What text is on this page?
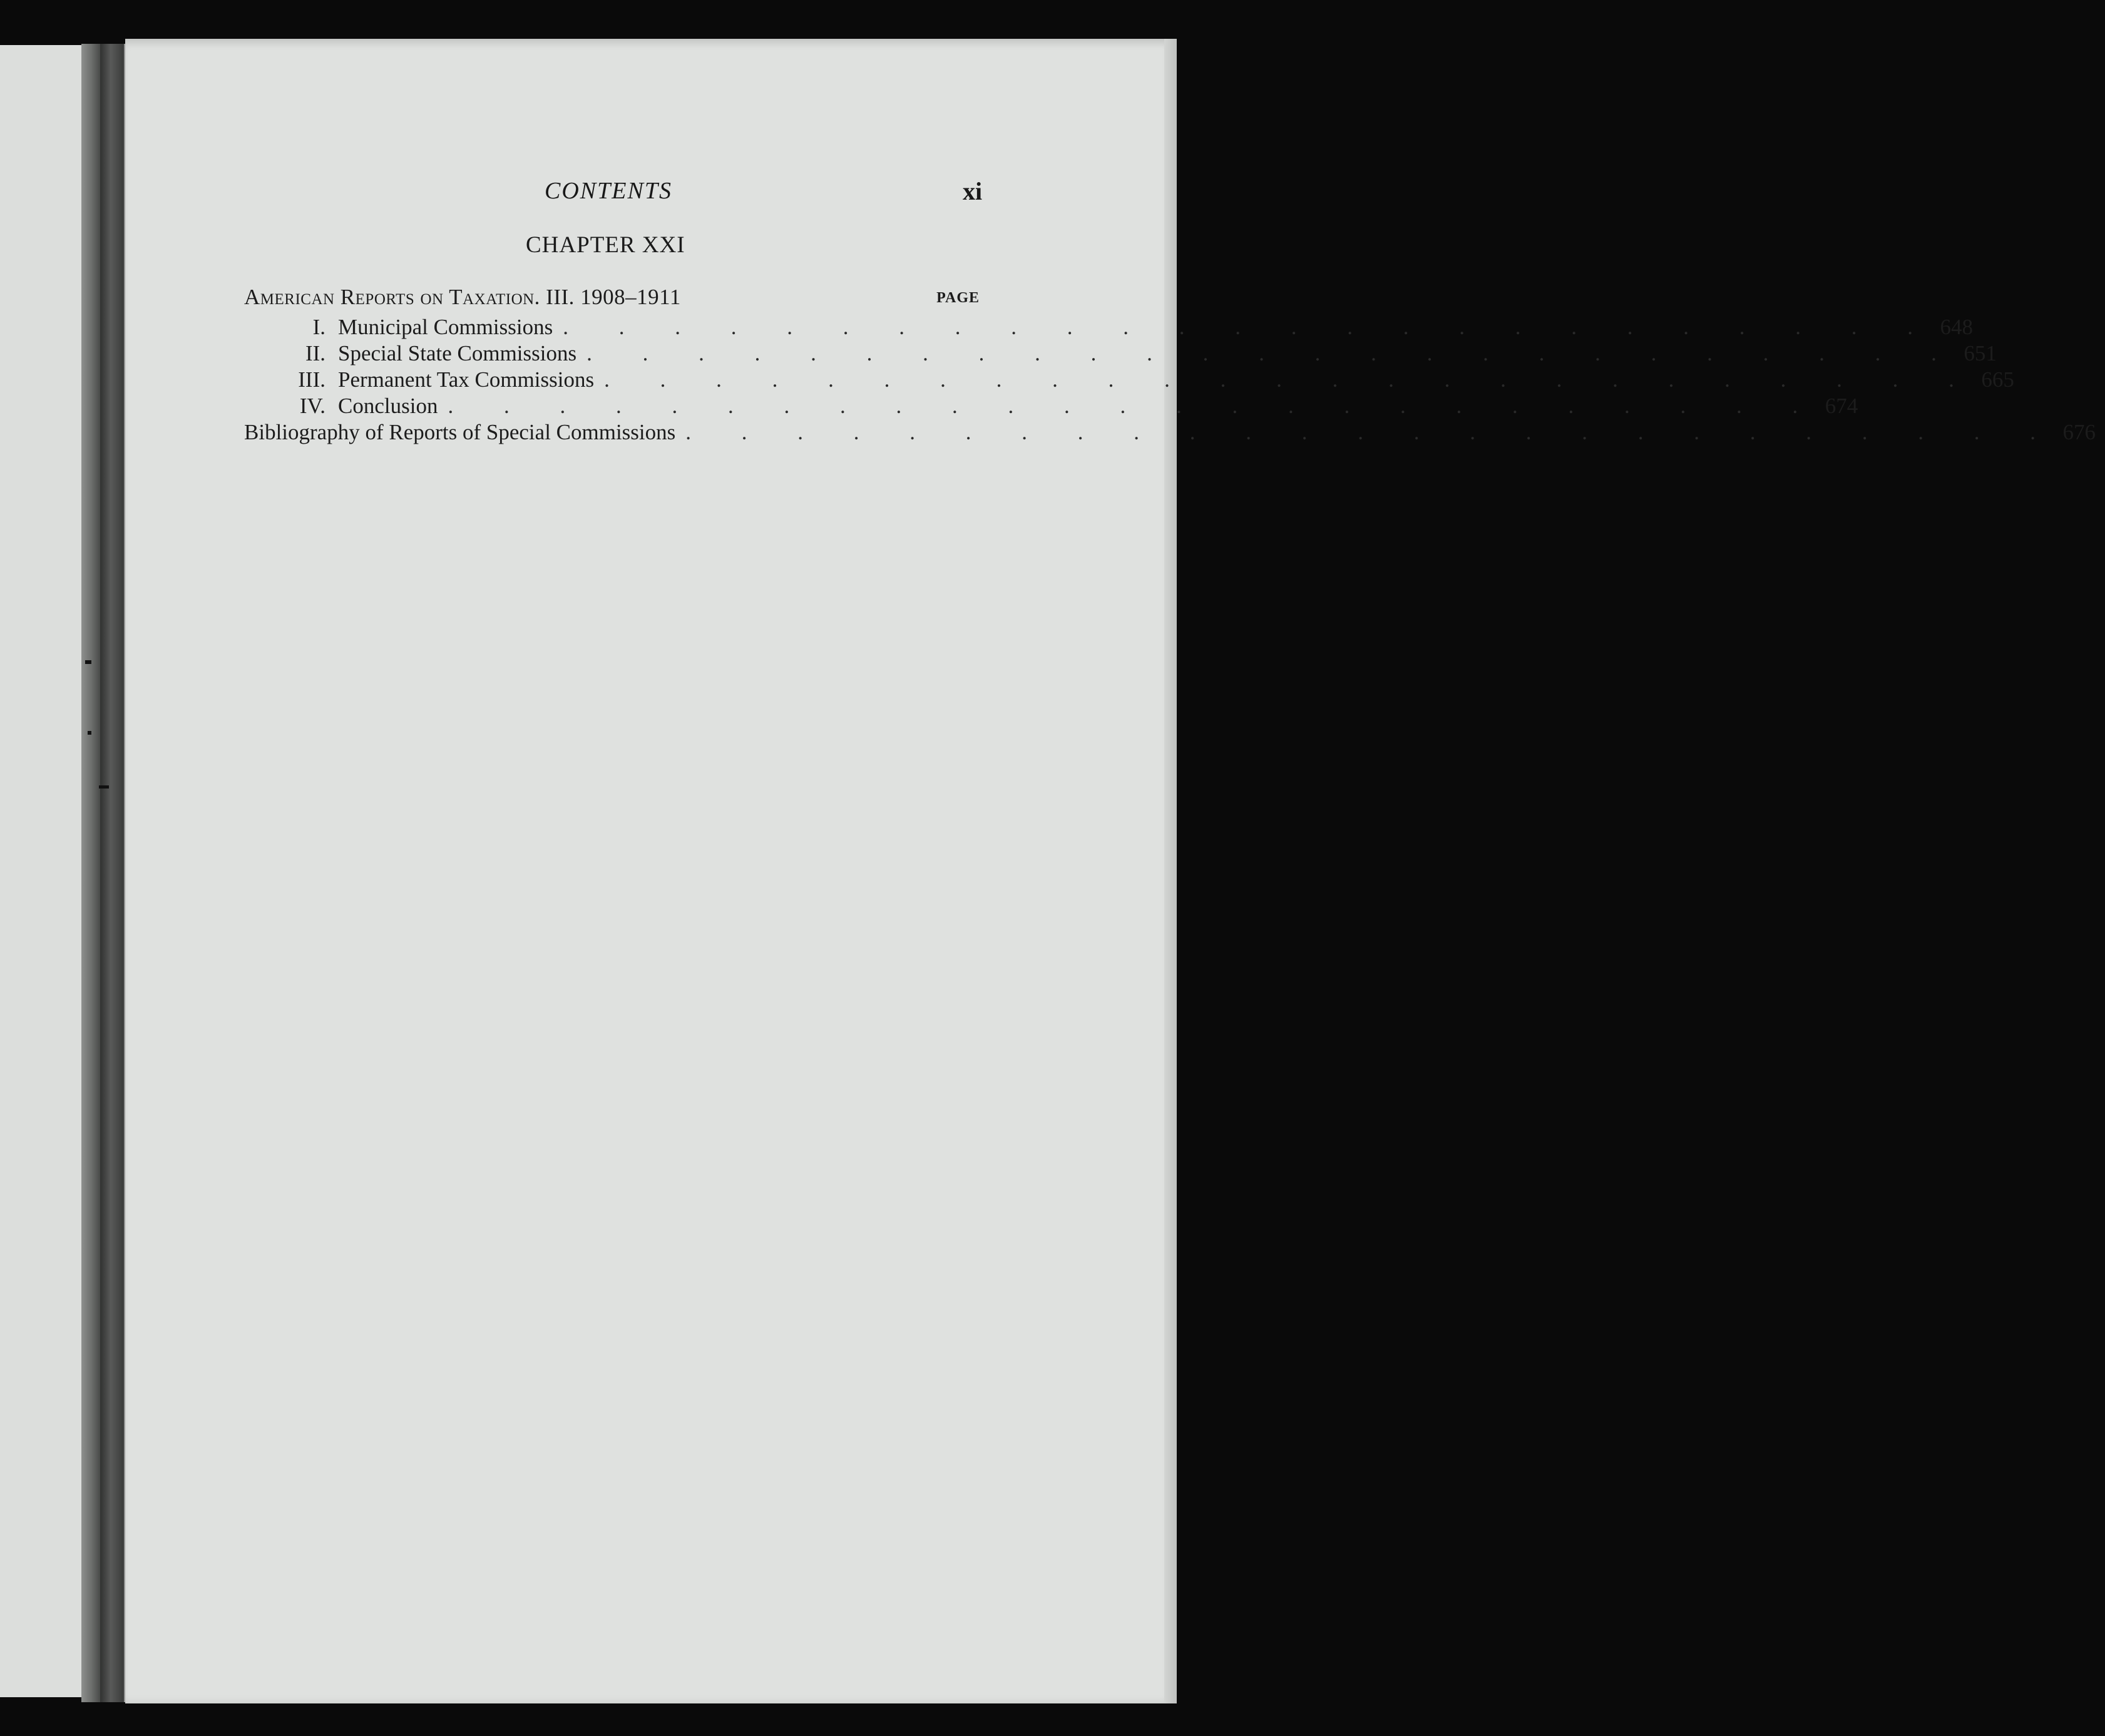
CONTENTS	xi
CHAPTER XXI
American Reports on Taxation. III. 1908–1911	PAGE
I. Municipal Commissions . . . . . . . . . . . . . . . . . . . . . . . . . 648
II. Special State Commissions . . . . . . . . . . . . . . . . . . . . . . . . . 651
III. Permanent Tax Commissions . . . . . . . . . . . . . . . . . . . . . . . . . 665
IV. Conclusion . . . . . . . . . . . . . . . . . . . . . . . . . 674
Bibliography of Reports of Special Commissions . . . . . . . . . . . . . . . . . . . . . . . . . 676
